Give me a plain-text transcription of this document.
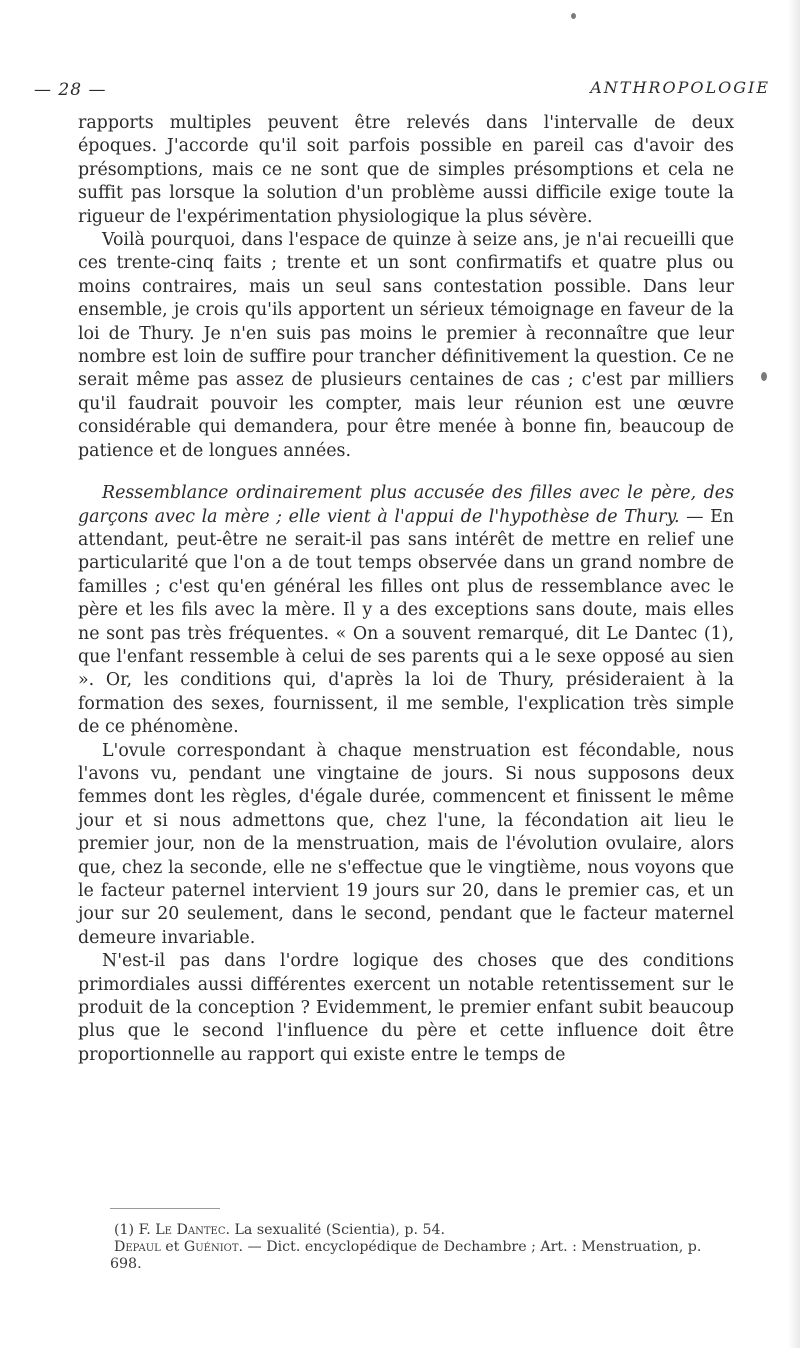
— 28 —	ANTHROPOLOGIE

rapports multiples peuvent être relevés dans l'intervalle de deux époques. J'accorde qu'il soit parfois possible en pareil cas d'avoir des présomptions, mais ce ne sont que de simples présomptions et cela ne suffit pas lorsque la solution d'un problème aussi difficile exige toute la rigueur de l'expérimentation physiologique la plus sévère.

Voilà pourquoi, dans l'espace de quinze à seize ans, je n'ai recueilli que ces trente-cinq faits ; trente et un sont confirmatifs et quatre plus ou moins contraires, mais un seul sans contestation possible. Dans leur ensemble, je crois qu'ils apportent un sérieux témoignage en faveur de la loi de Thury. Je n'en suis pas moins le premier à reconnaître que leur nombre est loin de suffire pour trancher définitivement la question. Ce ne serait même pas assez de plusieurs centaines de cas ; c'est par milliers qu'il faudrait pouvoir les compter, mais leur réunion est une œuvre considérable qui demandera, pour être menée à bonne fin, beaucoup de patience et de longues années.

Ressemblance ordinairement plus accusée des filles avec le père, des garçons avec la mère ; elle vient à l'appui de l'hypothèse de Thury. — En attendant, peut-être ne serait-il pas sans intérêt de mettre en relief une particularité que l'on a de tout temps observée dans un grand nombre de familles ; c'est qu'en général les filles ont plus de ressemblance avec le père et les fils avec la mère. Il y a des exceptions sans doute, mais elles ne sont pas très fréquentes. « On a souvent remarqué, dit Le Dantec (1), que l'enfant ressemble à celui de ses parents qui a le sexe opposé au sien ». Or, les conditions qui, d'après la loi de Thury, présideraient à la formation des sexes, fournissent, il me semble, l'explication très simple de ce phénomène.

L'ovule correspondant à chaque menstruation est fécondable, nous l'avons vu, pendant une vingtaine de jours. Si nous supposons deux femmes dont les règles, d'égale durée, commencent et finissent le même jour et si nous admettons que, chez l'une, la fécondation ait lieu le premier jour, non de la menstruation, mais de l'évolution ovulaire, alors que, chez la seconde, elle ne s'effectue que le vingtième, nous voyons que le facteur paternel intervient 19 jours sur 20, dans le premier cas, et un jour sur 20 seulement, dans le second, pendant que le facteur maternel demeure invariable.

N'est-il pas dans l'ordre logique des choses que des conditions primordiales aussi différentes exercent un notable retentissement sur le produit de la conception ? Evidemment, le premier enfant subit beaucoup plus que le second l'influence du père et cette influence doit être proportionnelle au rapport qui existe entre le temps de

(1) F. Le Dantec. La sexualité (Scientia), p. 54.

Depaul et Guéniot. — Dict. encyclopédique de Dechambre ; Art. : Menstruation, p. 698.
